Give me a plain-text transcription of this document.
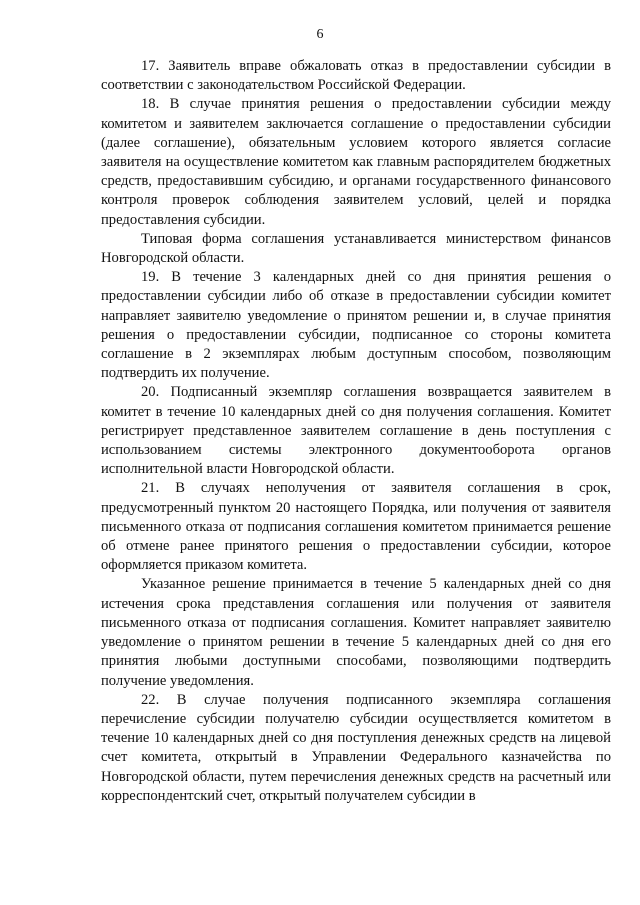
6

17. Заявитель вправе обжаловать отказ в предоставлении субсидии в соответствии с законодательством Российской Федерации.

18. В случае принятия решения о предоставлении субсидии между комитетом и заявителем заключается соглашение о предоставлении субсидии (далее соглашение), обязательным условием которого является согласие заявителя на осуществление комитетом как главным распорядителем бюджетных средств, предоставившим субсидию, и органами государственного финансового контроля проверок соблюдения заявителем условий, целей и порядка предоставления субсидии.

Типовая форма соглашения устанавливается министерством финансов Новгородской области.

19. В течение 3 календарных дней со дня принятия решения о предоставлении субсидии либо об отказе в предоставлении субсидии комитет направляет заявителю уведомление о принятом решении и, в случае принятия решения о предоставлении субсидии, подписанное со стороны комитета соглашение в 2 экземплярах любым доступным способом, позволяющим подтвердить их получение.

20. Подписанный экземпляр соглашения возвращается заявителем в комитет в течение 10 календарных дней со дня получения соглашения. Комитет регистрирует представленное заявителем соглашение в день поступления с использованием системы электронного документооборота органов исполнительной власти Новгородской области.

21. В случаях неполучения от заявителя соглашения в срок, предусмотренный пунктом 20 настоящего Порядка, или получения от заявителя письменного отказа от подписания соглашения комитетом принимается решение об отмене ранее принятого решения о предоставлении субсидии, которое оформляется приказом комитета.

Указанное решение принимается в течение 5 календарных дней со дня истечения срока представления соглашения или получения от заявителя письменного отказа от подписания соглашения. Комитет направляет заявителю уведомление о принятом решении в течение 5 календарных дней со дня его принятия любыми доступными способами, позволяющими подтвердить получение уведомления.

22. В случае получения подписанного экземпляра соглашения перечисление субсидии получателю субсидии осуществляется комитетом в течение 10 календарных дней со дня поступления денежных средств на лицевой счет комитета, открытый в Управлении Федерального казначейства по Новгородской области, путем перечисления денежных средств на расчетный или корреспондентский счет, открытый получателем субсидии в
